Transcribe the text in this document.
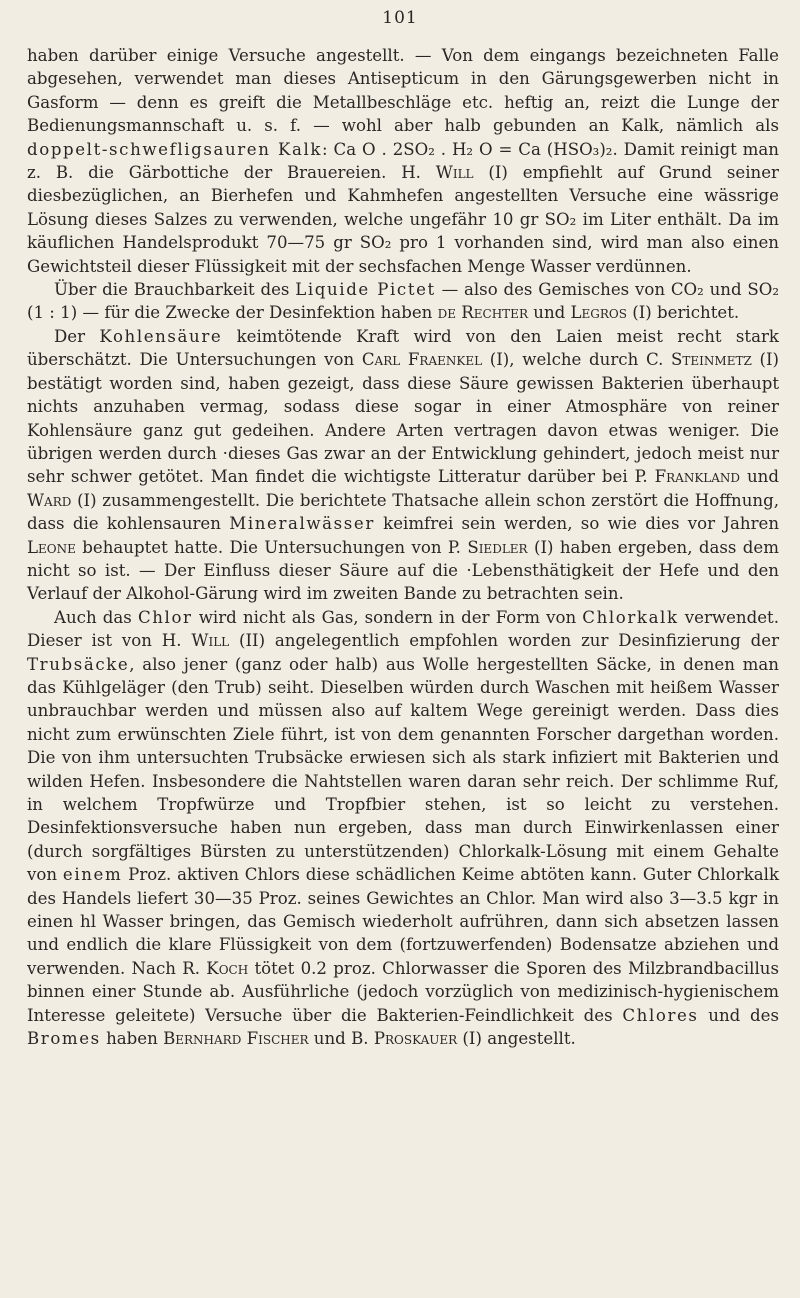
101

haben darüber einige Versuche angestellt. — Von dem eingangs bezeichneten Falle abgesehen, verwendet man dieses Antisepticum in den Gärungsgewerben nicht in Gasform — denn es greift die Metallbeschläge etc. heftig an, reizt die Lunge der Bedienungsmannschaft u. s. f. — wohl aber halb gebunden an Kalk, nämlich als doppelt-schwefligsauren Kalk: Ca O . 2SO₂ . H₂ O = Ca (HSO₃)₂. Damit reinigt man z. B. die Gärbottiche der Brauereien. H. Will (I) empfiehlt auf Grund seiner diesbezüglichen, an Bierhefen und Kahmhefen angestellten Versuche eine wässrige Lösung dieses Salzes zu verwenden, welche ungefähr 10 gr SO₂ im Liter enthält. Da im käuflichen Handelsprodukt 70—75 gr SO₂ pro 1 vorhanden sind, wird man also einen Gewichtsteil dieser Flüssigkeit mit der sechsfachen Menge Wasser verdünnen.

Über die Brauchbarkeit des Liquide Pictet — also des Gemisches von CO₂ und SO₂ (1 : 1) — für die Zwecke der Desinfektion haben de Rechter und Legros (I) berichtet.

Der Kohlensäure keimtötende Kraft wird von den Laien meist recht stark überschätzt. Die Untersuchungen von Carl Fraenkel (I), welche durch C. Steinmetz (I) bestätigt worden sind, haben gezeigt, dass diese Säure gewissen Bakterien überhaupt nichts anzuhaben vermag, sodass diese sogar in einer Atmosphäre von reiner Kohlensäure ganz gut gedeihen. Andere Arten vertragen davon etwas weniger. Die übrigen werden durch ·dieses Gas zwar an der Entwicklung gehindert, jedoch meist nur sehr schwer getötet. Man findet die wichtigste Litteratur darüber bei P. Frankland und Ward (I) zusammengestellt. Die berichtete Thatsache allein schon zerstört die Hoffnung, dass die kohlensauren Mineralwässer keimfrei sein werden, so wie dies vor Jahren Leone behauptet hatte. Die Untersuchungen von P. Siedler (I) haben ergeben, dass dem nicht so ist. — Der Einfluss dieser Säure auf die ·Lebensthätigkeit der Hefe und den Verlauf der Alkohol-Gärung wird im zweiten Bande zu betrachten sein.

Auch das Chlor wird nicht als Gas, sondern in der Form von Chlorkalk verwendet. Dieser ist von H. Will (II) angelegentlich empfohlen worden zur Desinfizierung der Trubsäcke, also jener (ganz oder halb) aus Wolle hergestellten Säcke, in denen man das Kühlgeläger (den Trub) seiht. Dieselben würden durch Waschen mit heißem Wasser unbrauchbar werden und müssen also auf kaltem Wege gereinigt werden. Dass dies nicht zum erwünschten Ziele führt, ist von dem genannten Forscher dargethan worden. Die von ihm untersuchten Trubsäcke erwiesen sich als stark infiziert mit Bakterien und wilden Hefen. Insbesondere die Nahtstellen waren daran sehr reich. Der schlimme Ruf, in welchem Tropfwürze und Tropfbier stehen, ist so leicht zu verstehen. Desinfektionsversuche haben nun ergeben, dass man durch Einwirkenlassen einer (durch sorgfältiges Bürsten zu unterstützenden) Chlorkalk-Lösung mit einem Gehalte von einem Proz. aktiven Chlors diese schädlichen Keime abtöten kann. Guter Chlorkalk des Handels liefert 30—35 Proz. seines Gewichtes an Chlor. Man wird also 3—3.5 kgr in einen hl Wasser bringen, das Gemisch wiederholt aufrühren, dann sich absetzen lassen und endlich die klare Flüssigkeit von dem (fortzuwerfenden) Bodensatze abziehen und verwenden. Nach R. Koch tötet 0.2 proz. Chlorwasser die Sporen des Milzbrandbacillus binnen einer Stunde ab. Ausführliche (jedoch vorzüglich von medizinisch-hygienischem Interesse geleitete) Versuche über die Bakterien-Feindlichkeit des Chlores und des Bromes haben Bernhard Fischer und B. Proskauer (I) angestellt.
